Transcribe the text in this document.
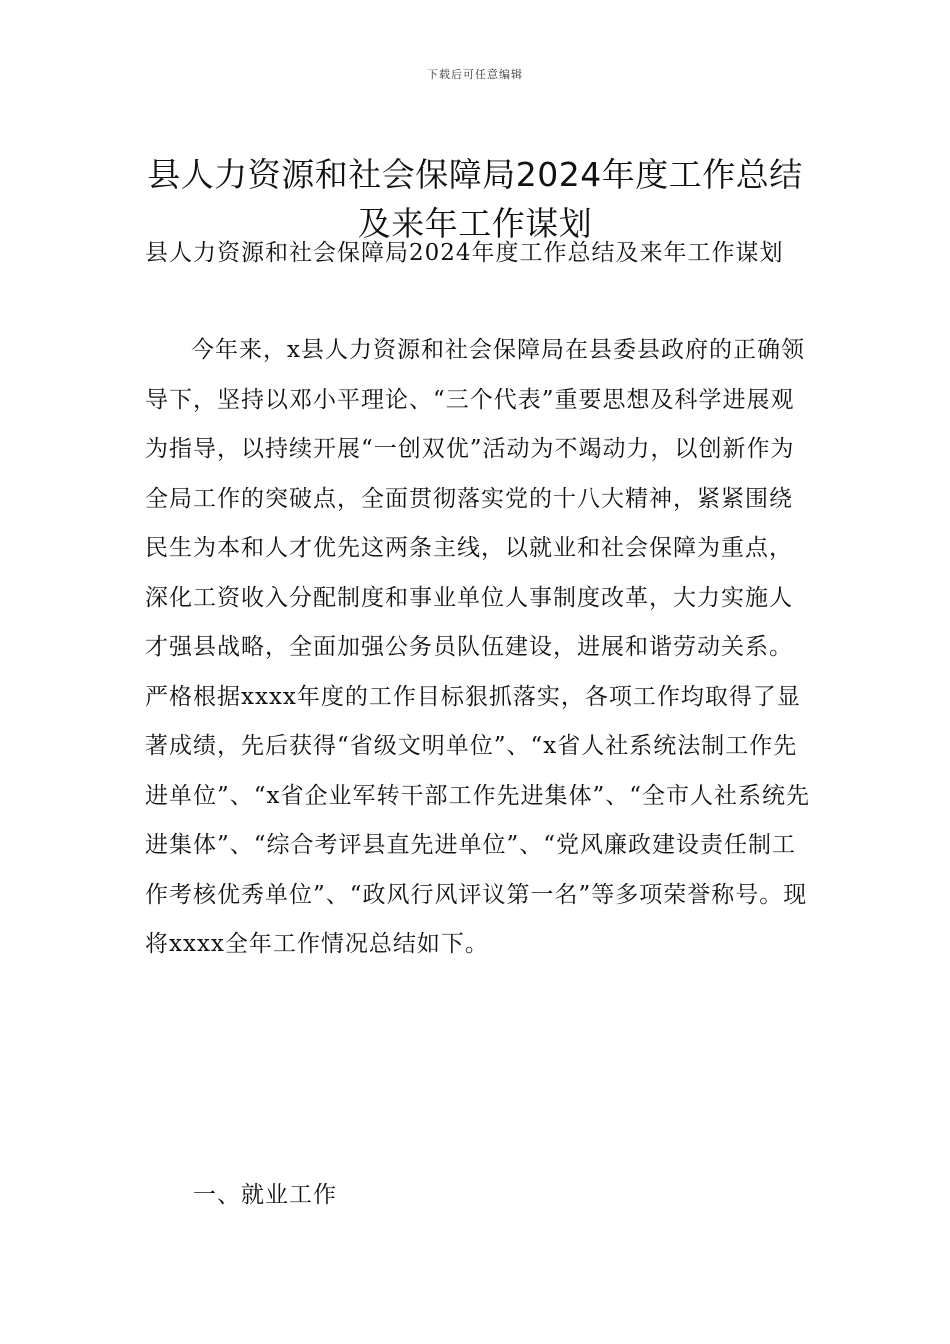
下载后可任意编辑
县人力资源和社会保障局2024年度工作总结及来年工作谋划
县人力资源和社会保障局2024年度工作总结及来年工作谋划

今年来，x县人力资源和社会保障局在县委县政府的正确领导下，坚持以邓小平理论、“三个代表”重要思想及科学进展观为指导，以持续开展“一创双优”活动为不竭动力，以创新作为全局工作的突破点，全面贯彻落实党的十八大精神，紧紧围绕民生为本和人才优先这两条主线，以就业和社会保障为重点，深化工资收入分配制度和事业单位人事制度改革，大力实施人才强县战略，全面加强公务员队伍建设，进展和谐劳动关系。严格根据xxxx年度的工作目标狠抓落实，各项工作均取得了显著成绩，先后获得“省级文明单位”、“x省人社系统法制工作先进单位”、“x省企业军转干部工作先进集体”、“全市人社系统先进集体”、“综合考评县直先进单位”、“党风廉政建设责任制工作考核优秀单位”、“政风行风评议第一名”等多项荣誉称号。现将xxxx全年工作情况总结如下。

一、就业工作
